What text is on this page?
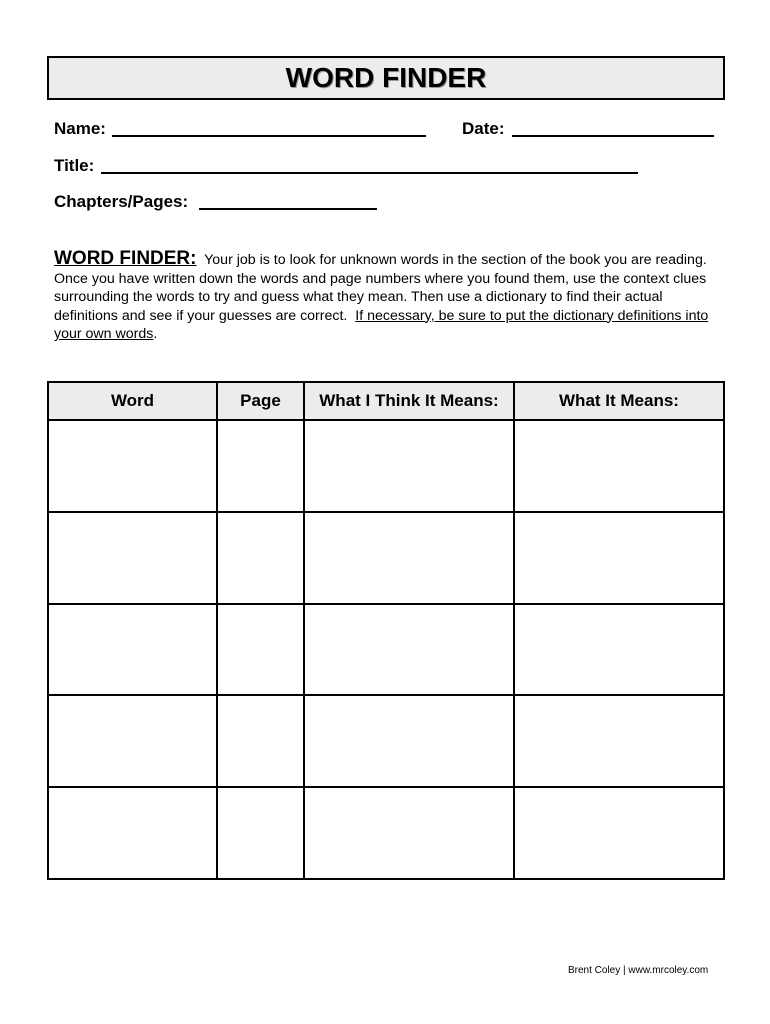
WORD FINDER
Name:	Date:
Title:
Chapters/Pages:
WORD FINDER: Your job is to look for unknown words in the section of the book you are reading. Once you have written down the words and page numbers where you found them, use the context clues surrounding the words to try and guess what they mean. Then use a dictionary to find their actual definitions and see if your guesses are correct. If necessary, be sure to put the dictionary definitions into your own words.
Word	Page	What I Think It Means:	What It Means:

Brent Coley | www.mrcoley.com
